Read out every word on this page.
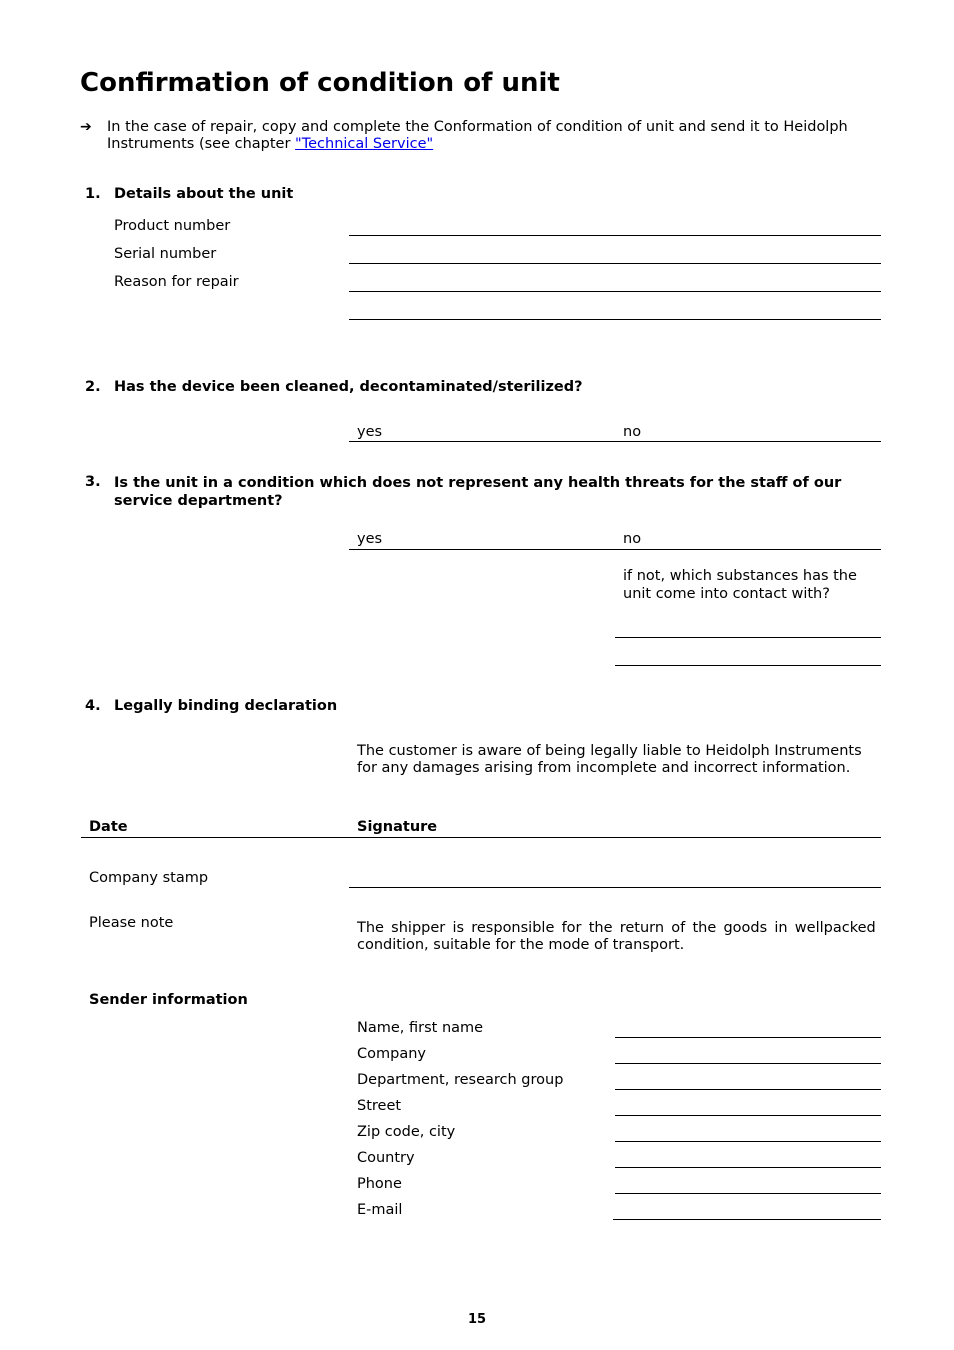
Confirmation of condition of unit
➔ In the case of repair, copy and complete the Conformation of condition of unit and send it to Heidolph
Instruments (see chapter "Technical Service"
1. Details about the unit
Product number
Serial number
Reason for repair
2. Has the device been cleaned, decontaminated/sterilized?
yes	no
3. Is the unit in a condition which does not represent any health threats for the staff of our
service department?
yes	no
if not, which substances has the
unit come into contact with?
4. Legally binding declaration
The customer is aware of being legally liable to Heidolph Instruments
for any damages arising from incomplete and incorrect information.
Date	Signature
Company stamp
Please note	The shipper is responsible for the return of the goods in wellpacked
condition, suitable for the mode of transport.
Sender information
Name, first name
Company
Department, research group
Street
Zip code, city
Country
Phone
E-mail
15
